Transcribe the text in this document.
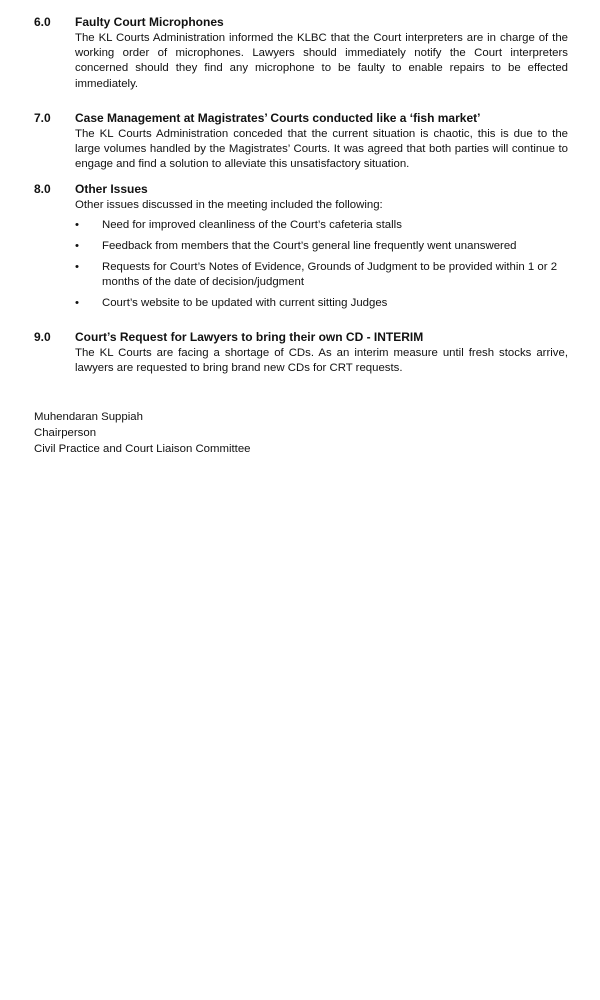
6.0 Faulty Court Microphones
The KL Courts Administration informed the KLBC that the Court interpreters are in charge of the working order of microphones. Lawyers should immediately notify the Court interpreters concerned should they find any microphone to be faulty to enable repairs to be effected immediately.
7.0 Case Management at Magistrates’ Courts conducted like a ‘fish market’
The KL Courts Administration conceded that the current situation is chaotic, this is due to the large volumes handled by the Magistrates’ Courts. It was agreed that both parties will continue to engage and find a solution to alleviate this unsatisfactory situation.
8.0 Other Issues
Other issues discussed in the meeting included the following:
•	Need for improved cleanliness of the Court’s cafeteria stalls
•	Feedback from members that the Court’s general line frequently went unanswered
•	Requests for Court’s Notes of Evidence, Grounds of Judgment to be provided within 1 or 2 months of the date of decision/judgment
•	Court’s website to be updated with current sitting Judges
9.0 Court’s Request for Lawyers to bring their own CD - INTERIM
The KL Courts are facing a shortage of CDs. As an interim measure until fresh stocks arrive, lawyers are requested to bring brand new CDs for CRT requests.
Muhendaran Suppiah
Chairperson
Civil Practice and Court Liaison Committee
